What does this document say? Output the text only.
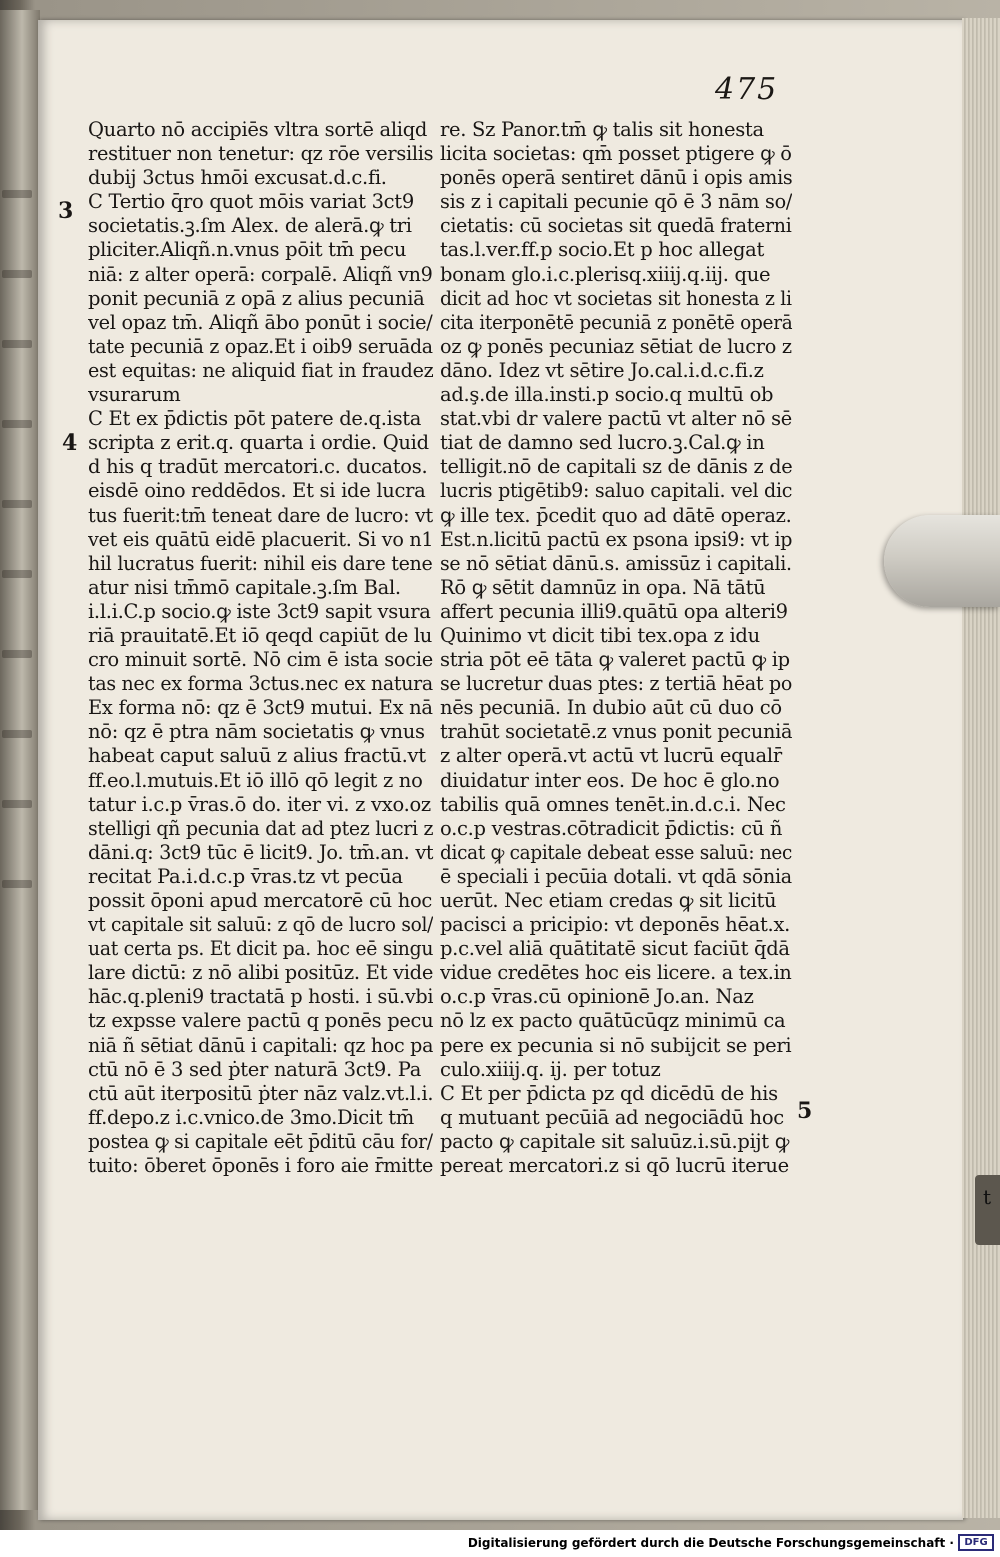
475
3
4
5
Quarto nō accipiēs vltra sortē aliqd
restituer non tenetur: qz rōe versilis
dubij 3ctus hmōi excusat.d.c.fi.
C Tertio q̄ro quot mōis variat 3ct9
societatis.ꝫ.ſm Alex. de alerā.ꝙ tri
pliciter.Aliqñ.n.vnus pōit tm̄ pecu
niā: z alter operā: corpalē. Aliqñ vn9
ponit pecuniā z opā z alius pecuniā
vel opaz tm̄. Aliqñ ābo ponūt i socie/
tate pecuniā z opaz.Et i oib9 seruāda
est equitas: ne aliquid fiat in fraudez
vsurarum
C Et ex p̄dictis pōt patere de.q.ista
scripta z erit.q. quarta i ordie. Quid
d his q tradūt mercatori.c. ducatos.
eisdē oino reddēdos. Et si ide lucra
tus fuerit:tm̄ teneat dare de lucro: vt
vet eis quātū eidē placuerit. Si vo n1
hil lucratus fuerit: nihil eis dare tene
atur nisi tm̄mō capitale.ꝫ.ſm Bal.
i.l.i.C.p socio.ꝙ iste 3ct9 sapit vsura
riā prauitatē.Et iō qeqd capiūt de lu
cro minuit sortē. Nō cim ē ista socie
tas nec ex forma 3ctus.nec ex natura
Ex forma nō: qz ē 3ct9 mutui. Ex nā
nō: qz ē ptra nām societatis ꝙ vnus
habeat caput saluū z alius fractū.vt
ff.eo.l.mutuis.Et iō illō qō legit z no
tatur i.c.p v̄ras.ō do. iter vi. z vxo.oz
stelligi qñ pecunia dat ad ptez lucri z
dāni.q: 3ct9 tūc ē licit9. Jo. tm̄.an. vt
recitat Pa.i.d.c.p v̄ras.tz vt pecūa
possit ōponi apud mercatorē cū hoc
vt capitale sit saluū: z qō de lucro sol/
uat certa ps. Et dicit pa. hoc eē singu
lare dictū: z nō alibi positūz. Et vide
hāc.q.pleni9 tractatā p hosti. i sū.vbi
tz expsse valere pactū q ponēs pecu
niā ñ sētiat dānū i capitali: qz hoc pa
ctū nō ē 3 sed ṗter naturā 3ct9. Pa
ctū aūt iterpositū ṗter nāz valz.vt.l.i.
ff.depo.z i.c.vnico.de 3mo.Dicit tm̄
postea ꝙ si capitale eēt p̄ditū cāu for/
tuito: ōberet ōponēs i foro aie r̄mitte
re. Sz Panor.tm̄ ꝙ talis sit honesta
licita societas: qm̄ posset ptigere ꝙ ō
ponēs operā sentiret dānū i opis amis
sis z i capitali pecunie qō ē 3 nām so/
cietatis: cū societas sit quedā fraterni
tas.l.ver.ff.p socio.Et p hoc allegat
bonam glo.i.c.plerisq.xiiij.q.iij. que
dicit ad hoc vt societas sit honesta z li
cita iterponētē pecuniā z ponētē operā
oz ꝙ ponēs pecuniaz sētiat de lucro z
dāno. Idez vt sētire Jo.cal.i.d.c.fi.z
ad.ş.de illa.insti.p socio.q multū ob
stat.vbi dr valere pactū vt alter nō sē
tiat de damno sed lucro.ꝫ.Cal.ꝙ in
telligit.nō de capitali sz de dānis z de
lucris ptigētib9: saluo capitali. vel dic
ꝙ ille tex. p̄cedit quo ad dātē operaz.
Est.n.licitū pactū ex psona ipsi9: vt ip
se nō sētiat dānū.s. amissūz i capitali.
Rō ꝙ sētit damnūz in opa. Nā tātū
affert pecunia illi9.quātū opa alteri9
Quinimo vt dicit tibi tex.opa z idu
stria pōt eē tāta ꝙ valeret pactū ꝙ ip
se lucretur duas ptes: z tertiā hēat po
nēs pecuniā. In dubio aūt cū duo cō
trahūt societatē.z vnus ponit pecuniā
z alter operā.vt actū vt lucrū equalr̄
diuidatur inter eos. De hoc ē glo.no
tabilis quā omnes tenēt.in.d.c.i. Nec
o.c.p vestras.cōtradicit p̄dictis: cū ñ
dicat ꝙ capitale debeat esse saluū: nec
ē speciali i pecūia dotali. vt qdā sōnia
uerūt. Nec etiam credas ꝙ sit licitū
pacisci a pricipio: vt deponēs hēat.x.
p.c.vel aliā quātitatē sicut faciūt q̄dā
vidue credētes hoc eis licere. a tex.in
o.c.p v̄ras.cū opinionē Jo.an. Naz
nō lz ex pacto quātūcūqz minimū ca
pere ex pecunia si nō subijcit se peri
culo.xiiij.q. ij. per totuz
C Et per p̄dicta pz qd dicēdū de his
q mutuant pecūiā ad negociādū hoc
pacto ꝙ capitale sit saluūz.i.sū.pijt ꝙ
pereat mercatori.z si qō lucrū iterue
t
Digitalisierung gefördert durch die Deutsche Forschungsgemeinschaft ·	DFG
